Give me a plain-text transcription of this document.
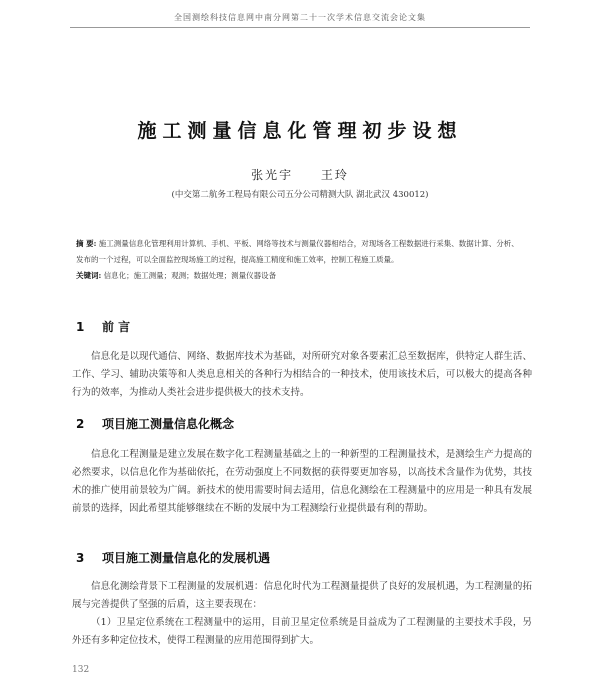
全国测绘科技信息网中南分网第二十一次学术信息交流会论文集
施工测量信息化管理初步设想
张光宇 王玲
(中交第二航务工程局有限公司五分公司精测大队 湖北武汉 430012)
摘 要: 施工测量信息化管理利用计算机、手机、平板、网络等技术与测量仪器相结合，对现场各工程数据进行采集、数据计算、分析、发布的一个过程，可以全面监控现场施工的过程，提高施工精度和施工效率，控制工程施工质量。
关键词: 信息化；施工测量；观测；数据处理；测量仪器设备
1 前 言

信息化是以现代通信、网络、数据库技术为基础，对所研究对象各要素汇总至数据库，供特定人群生活、工作、学习、辅助决策等和人类息息相关的各种行为相结合的一种技术，使用该技术后，可以极大的提高各种行为的效率，为推动人类社会进步提供极大的技术支持。

2 项目施工测量信息化概念

信息化工程测量是建立发展在数字化工程测量基础之上的一种新型的工程测量技术，是测绘生产力提高的必然要求，以信息化作为基础依托，在劳动强度上不同数据的获得要更加容易，以高技术含量作为优势，其技术的推广使用前景较为广阔。新技术的使用需要时间去适用，信息化测绘在工程测量中的应用是一种具有发展前景的选择，因此希望其能够继续在不断的发展中为工程测绘行业提供最有利的帮助。

3 项目施工测量信息化的发展机遇

信息化测绘背景下工程测量的发展机遇：信息化时代为工程测量提供了良好的发展机遇，为工程测量的拓展与完善提供了坚强的后盾，这主要表现在：

（1）卫星定位系统在工程测量中的运用，目前卫星定位系统是目益成为了工程测量的主要技术手段，另外还有多种定位技术，使得工程测量的应用范围得到扩大。

132
